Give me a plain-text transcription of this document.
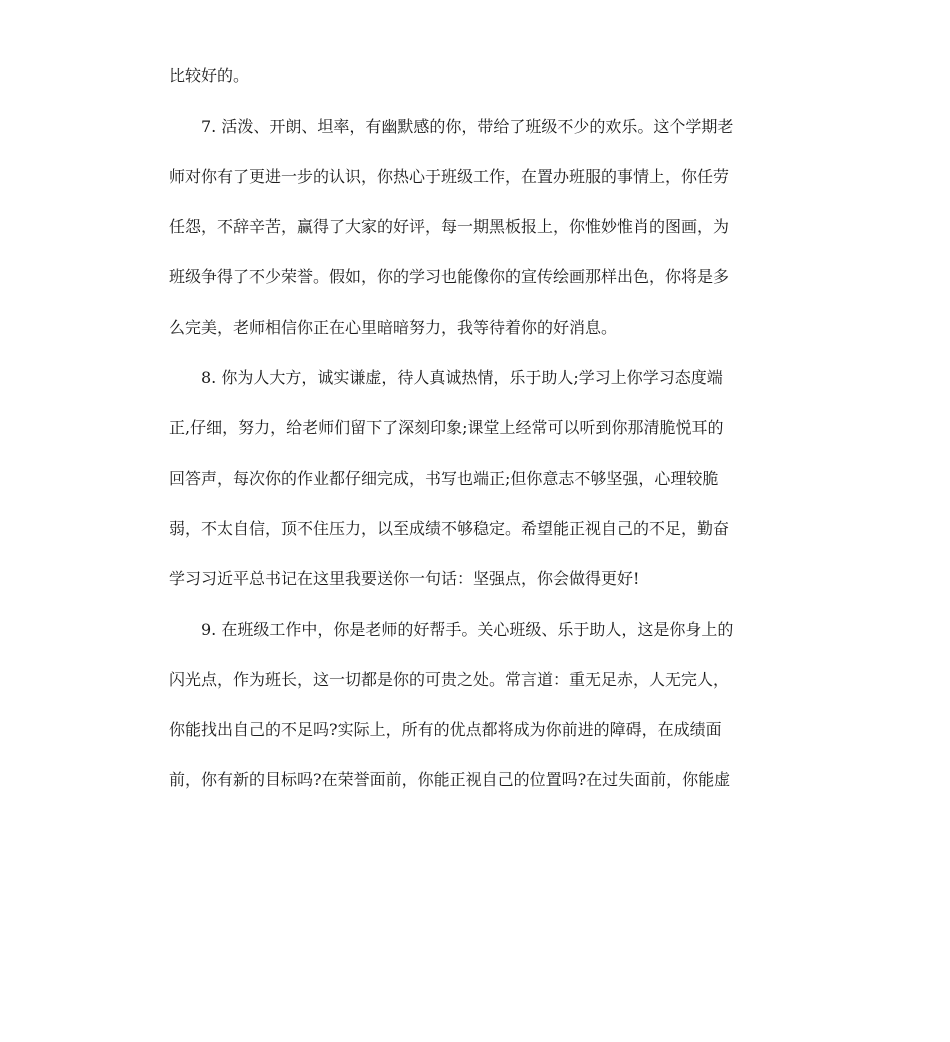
比较好的。
7. 活泼、开朗、坦率，有幽默感的你，带给了班级不少的欢乐。这个学期老
师对你有了更进一步的认识，你热心于班级工作，在置办班服的事情上，你任劳
任怨，不辞辛苦，赢得了大家的好评，每一期黑板报上，你惟妙惟肖的图画，为
班级争得了不少荣誉。假如，你的学习也能像你的宣传绘画那样出色，你将是多
么完美，老师相信你正在心里暗暗努力，我等待着你的好消息。
8. 你为人大方，诚实谦虚，待人真诚热情，乐于助人;学习上你学习态度端
正,仔细，努力，给老师们留下了深刻印象;课堂上经常可以听到你那清脆悦耳的
回答声，每次你的作业都仔细完成，书写也端正;但你意志不够坚强，心理较脆
弱，不太自信，顶不住压力，以至成绩不够稳定。希望能正视自己的不足，勤奋
学习习近平总书记在这里我要送你一句话：坚强点，你会做得更好!
9. 在班级工作中，你是老师的好帮手。关心班级、乐于助人，这是你身上的
闪光点，作为班长，这一切都是你的可贵之处。常言道：重无足赤，人无完人，
你能找出自己的不足吗?实际上，所有的优点都将成为你前进的障碍，在成绩面
前，你有新的目标吗?在荣誉面前，你能正视自己的位置吗?在过失面前，你能虚
